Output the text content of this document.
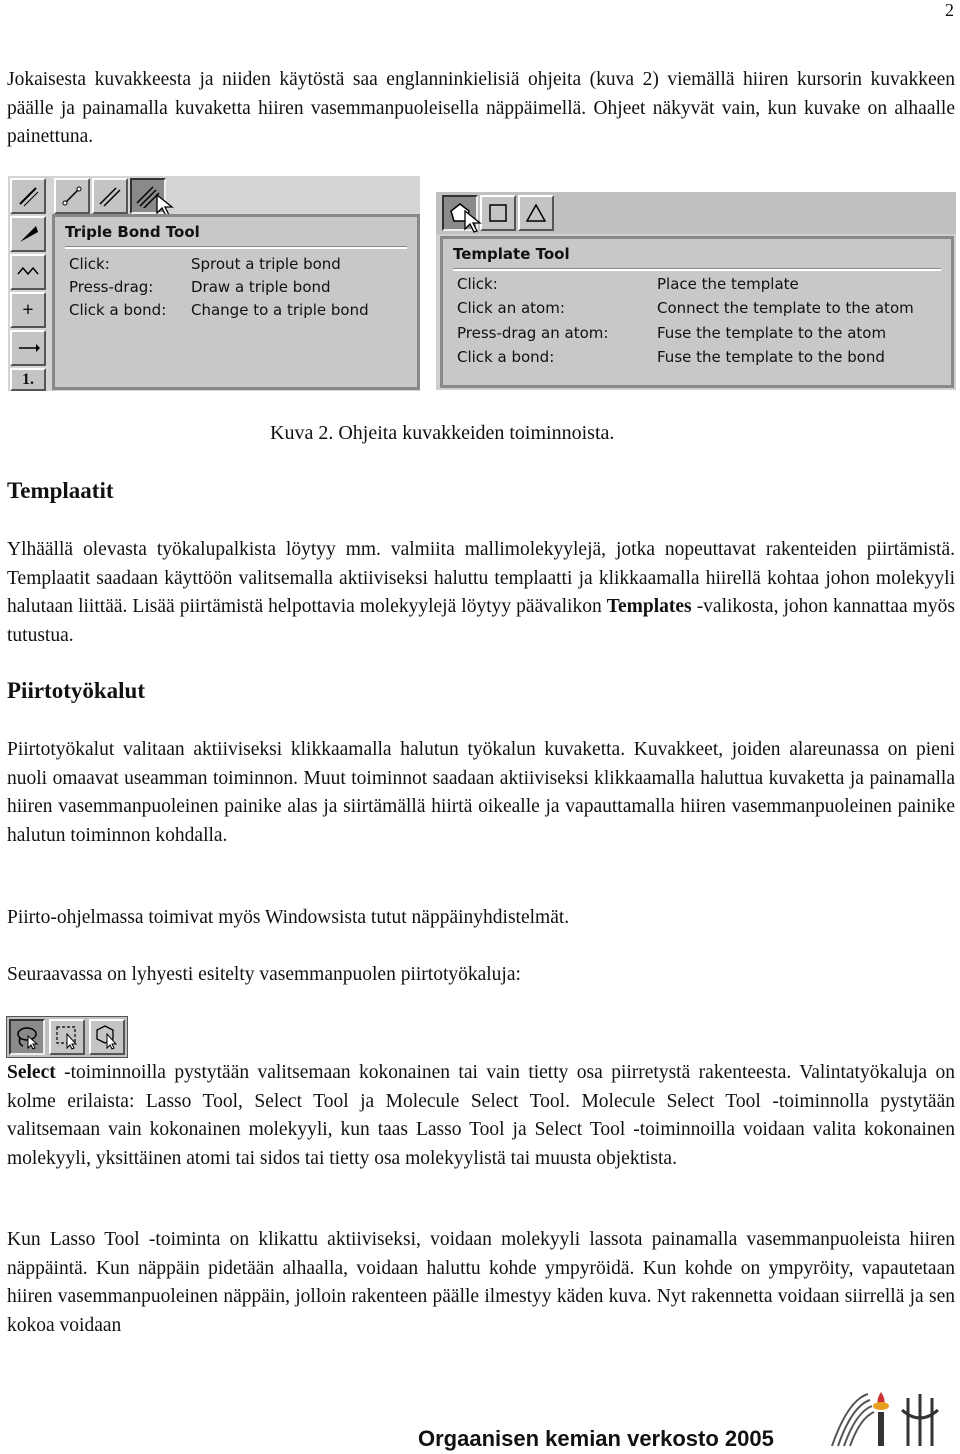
2

Jokaisesta kuvakkeesta ja niiden käytöstä saa englanninkielisiä ohjeita (kuva 2) viemällä hiiren kursorin kuvakkeen päälle ja painamalla kuvaketta hiiren vasemmanpuoleisella näppäimellä. Ohjeet näkyvät vain, kun kuvake on alhaalle painettuna.

+
1.
Triple Bond Tool
Click:	Sprout a triple bond
Press-drag:	Draw a triple bond
Click a bond: Change to a triple bond
Template Tool
Click:	Place the template
Click an atom:	Connect the template to the atom
Press-drag an atom:	Fuse the template to the atom
Click a bond:	Fuse the template to the bond
Kuva 2. Ohjeita kuvakkeiden toiminnoista.
Templaatit

Ylhäällä olevasta työkalupalkista löytyy mm. valmiita mallimolekyylejä, jotka nopeuttavat rakenteiden piirtämistä. Templaatit saadaan käyttöön valitsemalla aktiiviseksi haluttu templaatti ja klikkaamalla hiirellä kohtaa johon molekyyli halutaan liittää. Lisää piirtämistä helpottavia molekyylejä löytyy päävalikon Templates -valikosta, johon kannattaa myös tutustua.

Piirtotyökalut

Piirtotyökalut valitaan aktiiviseksi klikkaamalla halutun työkalun kuvaketta. Kuvakkeet, joiden alareunassa on pieni nuoli omaavat useamman toiminnon. Muut toiminnot saadaan aktiiviseksi klikkaamalla haluttua kuvaketta ja painamalla hiiren vasemmanpuoleinen painike alas ja siirtämällä hiirtä oikealle ja vapauttamalla hiiren vasemmanpuoleinen painike halutun toiminnon kohdalla.

Piirto-ohjelmassa toimivat myös Windowsista tutut näppäinyhdistelmät.

Seuraavassa on lyhyesti esitelty vasemmanpuolen piirtotyökaluja:

Select -toiminnoilla pystytään valitsemaan kokonainen tai vain tietty osa piirretystä rakenteesta. Valintatyökaluja on kolme erilaista: Lasso Tool, Select Tool ja Molecule Select Tool. Molecule Select Tool -toiminnolla pystytään valitsemaan vain kokonainen molekyyli, kun taas Lasso Tool ja Select Tool -toiminnoilla voidaan valita kokonainen molekyyli, yksittäinen atomi tai sidos tai tietty osa molekyylistä tai muusta objektista.

Kun Lasso Tool -toiminta on klikattu aktiiviseksi, voidaan molekyyli lassota painamalla vasemmanpuoleista hiiren näppäintä. Kun näppäin pidetään alhaalla, voidaan haluttu kohde ympyröidä. Kun kohde on ympyröity, vapautetaan hiiren vasemmanpuoleinen näppäin, jolloin rakenteen päälle ilmestyy käden kuva. Nyt rakennetta voidaan siirrellä ja sen kokoa voidaan

Orgaanisen kemian verkosto 2005
